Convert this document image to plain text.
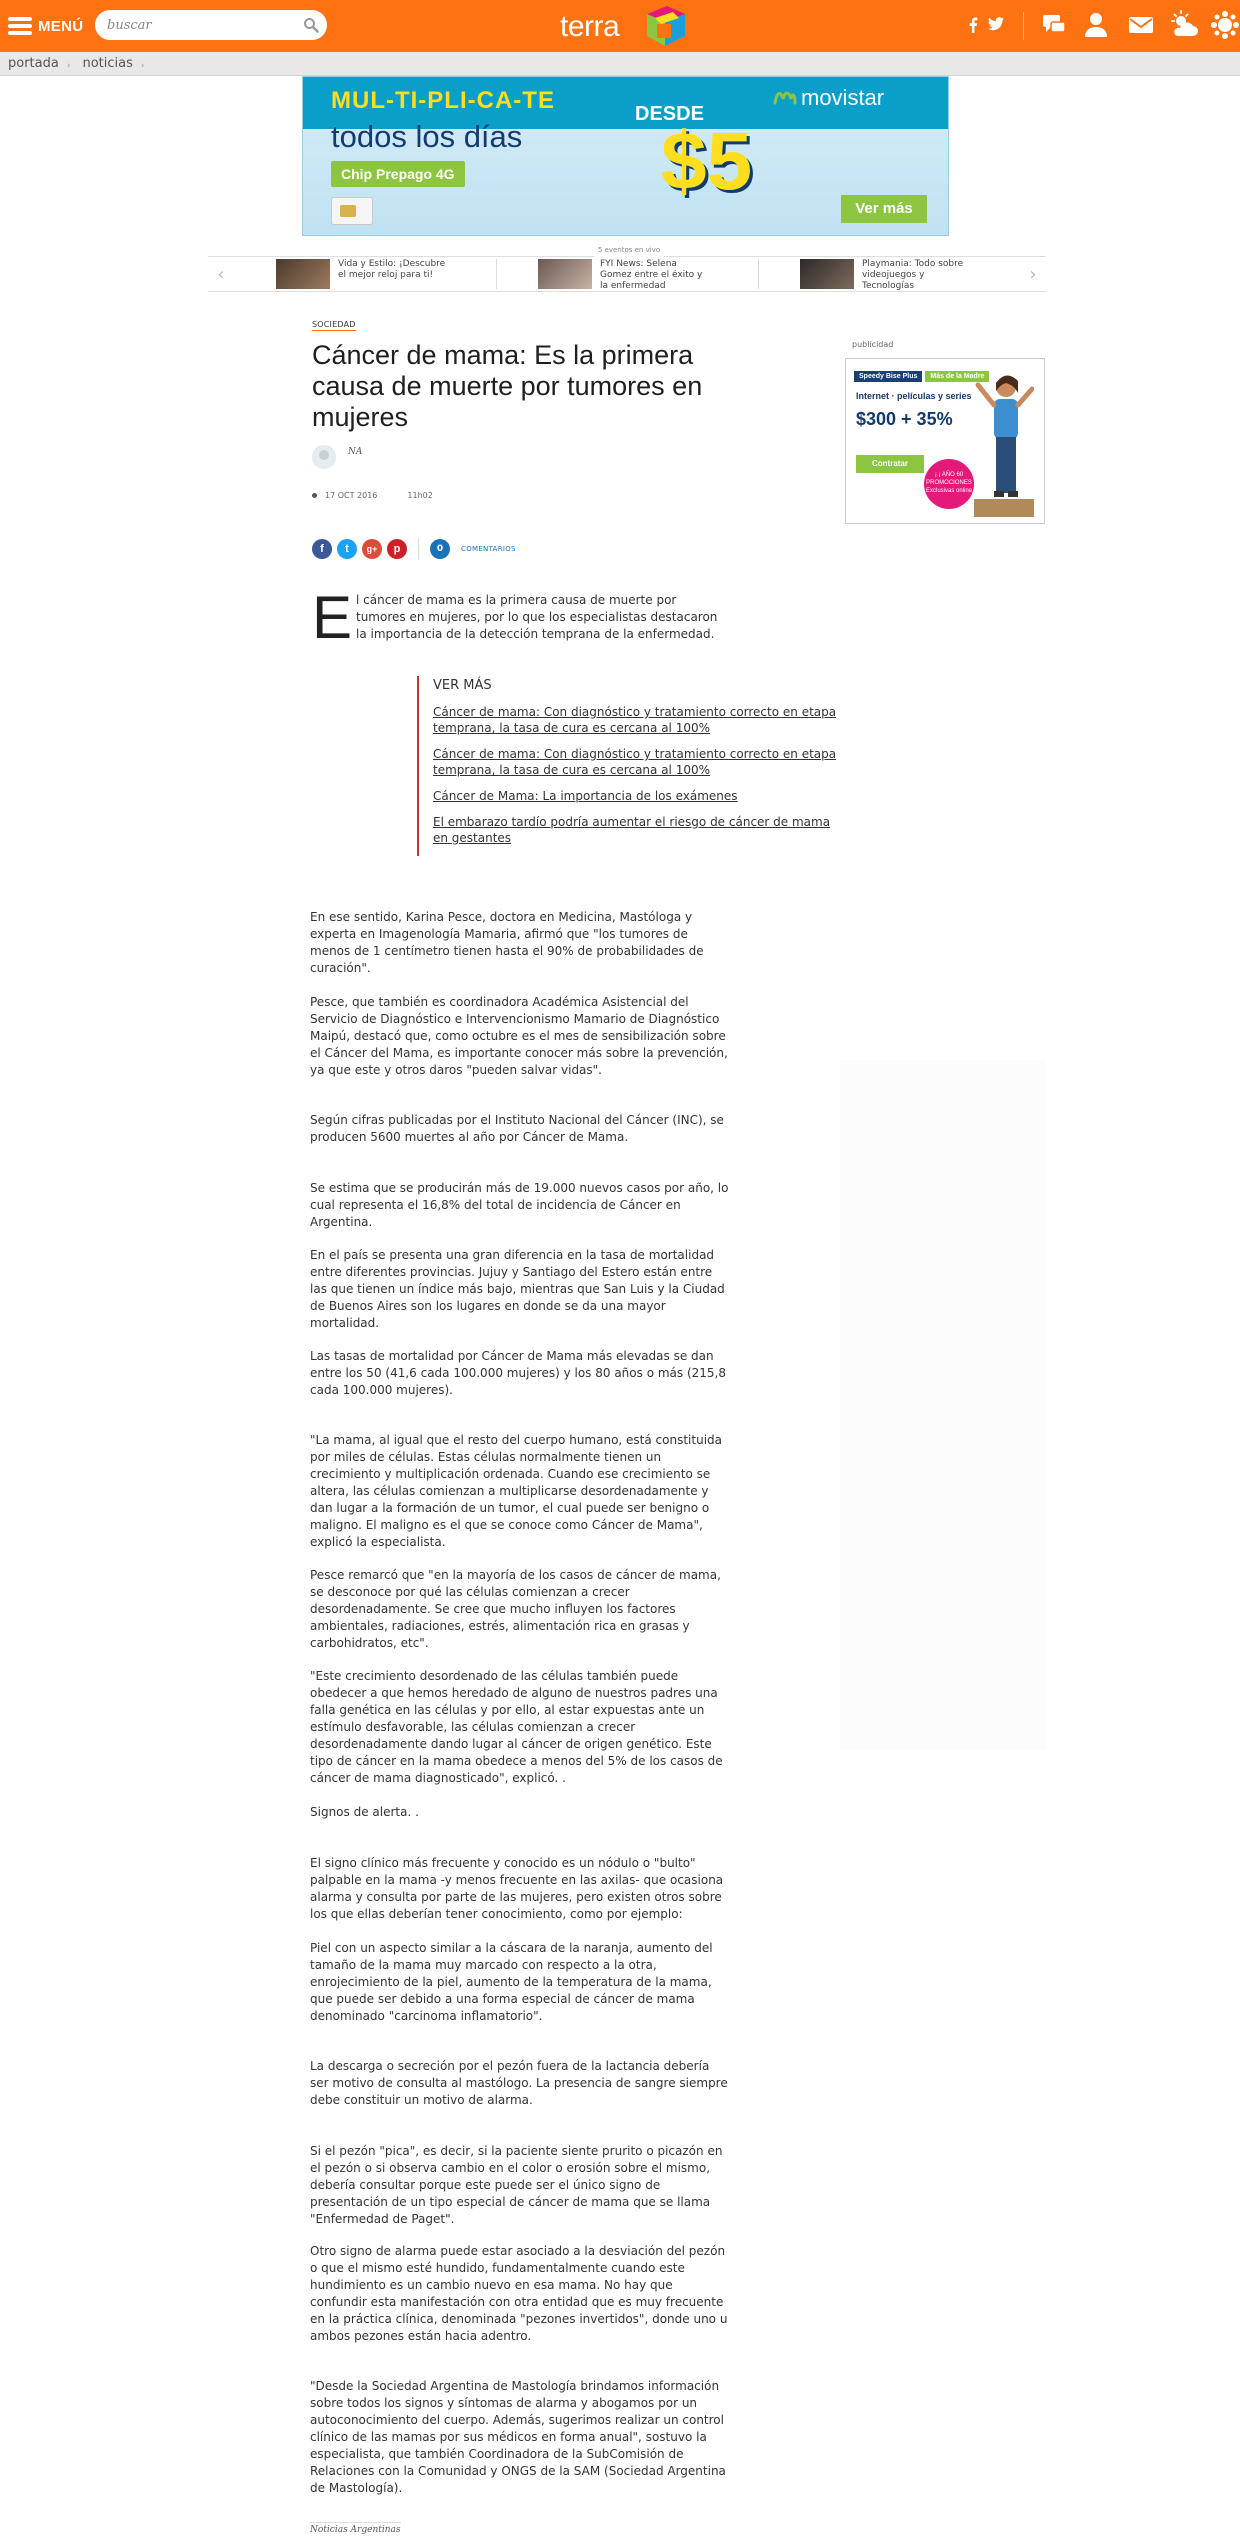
MENÚ
buscar	terra
portada › noticias ›
MUL-TI-PLI-CA-TE
todos los días
Chip Prepago 4G
DESDE
$5
movistar
Ver más
5 eventos en vivo
‹	Vida y Estilo: ¡Descubre el mejor reloj para ti!
FYI News: Selena Gomez entre el éxito y la enfermedad
Playmania: Todo sobre videojuegos y Tecnologías
›
SOCIEDAD
Cáncer de mama: Es la primera causa de muerte por tumores en mujeres
NA
17 OCT 2016	11h02
f	t	g+	p	0	COMENTARIOS
E l cáncer de mama es la primera causa de muerte por tumores en mujeres, por lo que los especialistas destacaron la importancia de la detección temprana de la enfermedad.

VER MÁS
Cáncer de mama: Con diagnóstico y tratamiento correcto en etapa temprana, la tasa de cura es cercana al 100%
Cáncer de mama: Con diagnóstico y tratamiento correcto en etapa temprana, la tasa de cura es cercana al 100%
Cáncer de Mama: La importancia de los exámenes
El embarazo tardío podría aumentar el riesgo de cáncer de mama en gestantes

En ese sentido, Karina Pesce, doctora en Medicina, Mastóloga y experta en Imagenología Mamaria, afirmó que "los tumores de menos de 1 centímetro tienen hasta el 90% de probabilidades de curación".

Pesce, que también es coordinadora Académica Asistencial del Servicio de Diagnóstico e Intervencionismo Mamario de Diagnóstico Maipú, destacó que, como octubre es el mes de sensibilización sobre el Cáncer del Mama, es importante conocer más sobre la prevención, ya que este y otros daros "pueden salvar vidas".

Según cifras publicadas por el Instituto Nacional del Cáncer (INC), se producen 5600 muertes al año por Cáncer de Mama.

Se estima que se producirán más de 19.000 nuevos casos por año, lo cual representa el 16,8% del total de incidencia de Cáncer en Argentina.

En el país se presenta una gran diferencia en la tasa de mortalidad entre diferentes provincias. Jujuy y Santiago del Estero están entre las que tienen un índice más bajo, mientras que San Luis y la Ciudad de Buenos Aires son los lugares en donde se da una mayor mortalidad.

Las tasas de mortalidad por Cáncer de Mama más elevadas se dan entre los 50 (41,6 cada 100.000 mujeres) y los 80 años o más (215,8 cada 100.000 mujeres).

"La mama, al igual que el resto del cuerpo humano, está constituida por miles de células. Estas células normalmente tienen un crecimiento y multiplicación ordenada. Cuando ese crecimiento se altera, las células comienzan a multiplicarse desordenadamente y dan lugar a la formación de un tumor, el cual puede ser benigno o maligno. El maligno es el que se conoce como Cáncer de Mama", explicó la especialista.

Pesce remarcó que "en la mayoría de los casos de cáncer de mama, se desconoce por qué las células comienzan a crecer desordenadamente. Se cree que mucho influyen los factores ambientales, radiaciones, estrés, alimentación rica en grasas y carbohidratos, etc".

"Este crecimiento desordenado de las células también puede obedecer a que hemos heredado de alguno de nuestros padres una falla genética en las células y por ello, al estar expuestas ante un estímulo desfavorable, las células comienzan a crecer desordenadamente dando lugar al cáncer de origen genético. Este tipo de cáncer en la mama obedece a menos del 5% de los casos de cáncer de mama diagnosticado", explicó. .

Signos de alerta. .

El signo clínico más frecuente y conocido es un nódulo o "bulto" palpable en la mama -y menos frecuente en las axilas- que ocasiona alarma y consulta por parte de las mujeres, pero existen otros sobre los que ellas deberían tener conocimiento, como por ejemplo:

Piel con un aspecto similar a la cáscara de la naranja, aumento del tamaño de la mama muy marcado con respecto a la otra, enrojecimiento de la piel, aumento de la temperatura de la mama, que puede ser debido a una forma especial de cáncer de mama denominado "carcinoma inflamatorio".

La descarga o secreción por el pezón fuera de la lactancia debería ser motivo de consulta al mastólogo. La presencia de sangre siempre debe constituir un motivo de alarma.

Si el pezón "pica", es decir, si la paciente siente prurito o picazón en el pezón o si observa cambio en el color o erosión sobre el mismo, debería consultar porque este puede ser el único signo de presentación de un tipo especial de cáncer de mama que se llama "Enfermedad de Paget".

Otro signo de alarma puede estar asociado a la desviación del pezón o que el mismo esté hundido, fundamentalmente cuando este hundimiento es un cambio nuevo en esa mama. No hay que confundir esta manifestación con otra entidad que es muy frecuente en la práctica clínica, denominada "pezones invertidos", donde uno u ambos pezones están hacia adentro.

"Desde la Sociedad Argentina de Mastología brindamos información sobre todos los signos y síntomas de alarma y abogamos por un autoconocimiento del cuerpo. Además, sugerimos realizar un control clínico de las mamas por sus médicos en forma anual", sostuvo la especialista, que también Coordinadora de la SubComisión de Relaciones con la Comunidad y ONGS de la SAM (Sociedad Argentina de Mastología).

Noticias Argentinas
publicidad
Speedy Bise Plus	Más de la Madre
Internet · películas y series
$300 + 35%
Contratar
¡ ¡ AÑO 60 PROMOCIONES Exclusivas online
